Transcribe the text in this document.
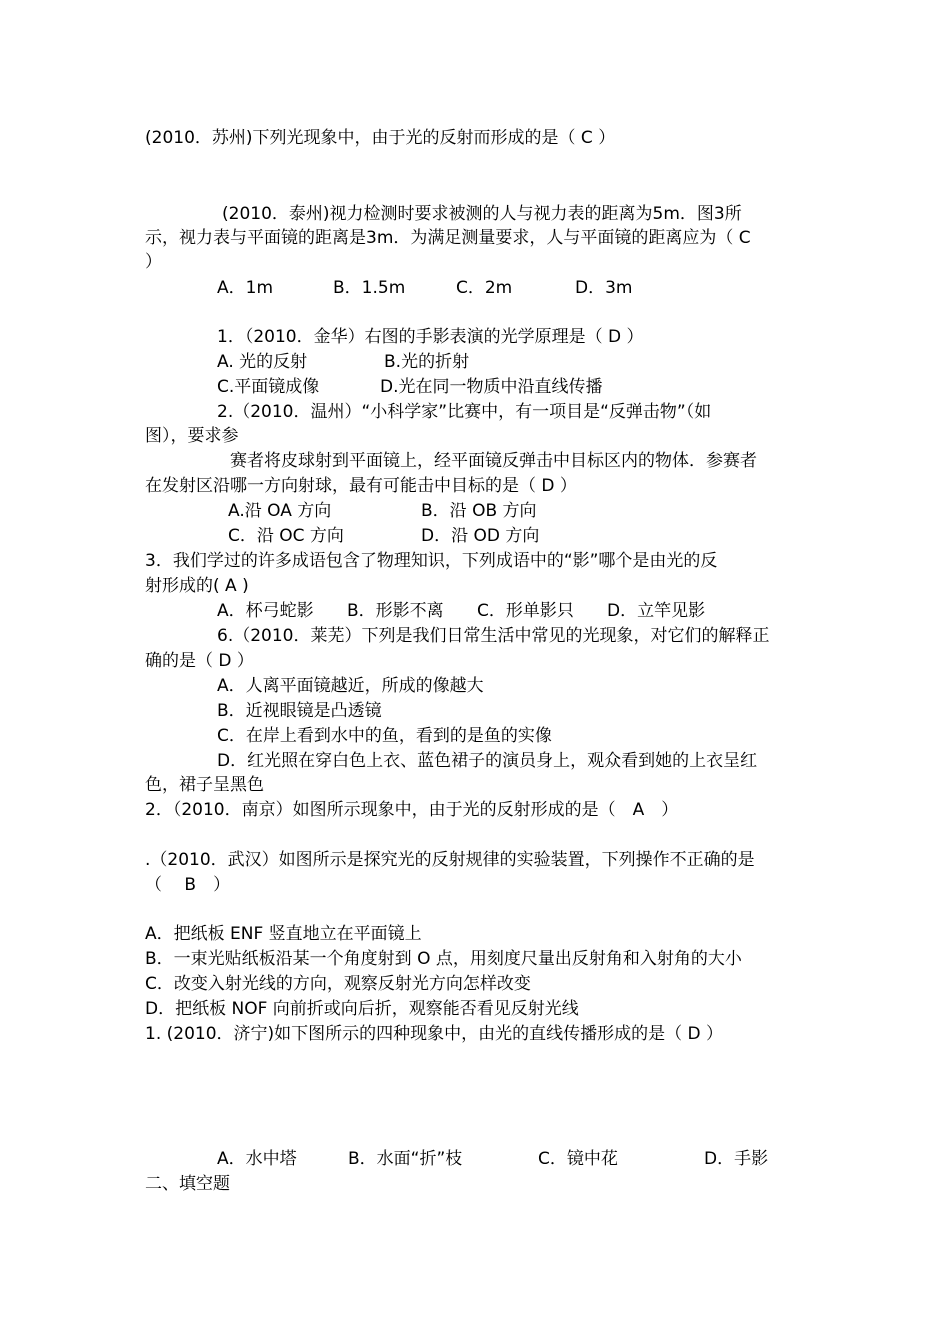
(2010．苏州)下列光现象中，由于光的反射而形成的是（ C ）
(2010．泰州)视力检测时要求被测的人与视力表的距离为5m．图3所
示，视力表与平面镜的距离是3m．为满足测量要求，人与平面镜的距离应为（ C
）
A．1m	B．1.5m	C．2m	D．3m
1．（2010．金华）右图的手影表演的光学原理是（ D ）
A. 光的反射	B.光的折射
C.平面镜成像	D.光在同一物质中沿直线传播
2.（2010．温州）“小科学家”比赛中，有一项目是“反弹击物”（如
图），要求参
赛者将皮球射到平面镜上，经平面镜反弹击中目标区内的物体．参赛者
在发射区沿哪一方向射球，最有可能击中目标的是（ D ）
A.沿 OA 方向	B．沿 OB 方向
C．沿 OC 方向	D．沿 OD 方向
3．我们学过的许多成语包含了物理知识，下列成语中的“影”哪个是由光的反
射形成的( A )
A．杯弓蛇影 B．形影不离 C．形单影只 D．立竿见影
6.（2010．莱芜）下列是我们日常生活中常见的光现象，对它们的解释正
确的是（ D ）
A．人离平面镜越近，所成的像越大
B．近视眼镜是凸透镜
C．在岸上看到水中的鱼，看到的是鱼的实像
D．红光照在穿白色上衣、蓝色裙子的演员身上，观众看到她的上衣呈红
色，裙子呈黑色
2．（2010．南京）如图所示现象中，由于光的反射形成的是（　A　）
.（2010．武汉）如图所示是探究光的反射规律的实验装置，下列操作不正确的是
（　 B　）
A．把纸板 ENF 竖直地立在平面镜上
B．一束光贴纸板沿某一个角度射到 O 点，用刻度尺量出反射角和入射角的大小
C．改变入射光线的方向，观察反射光方向怎样改变
D．把纸板 NOF 向前折或向后折，观察能否看见反射光线
1. (2010．济宁)如下图所示的四种现象中，由光的直线传播形成的是（ D ）
A．水中塔	B．水面“折”枝	C．镜中花	D．手影
二、填空题
